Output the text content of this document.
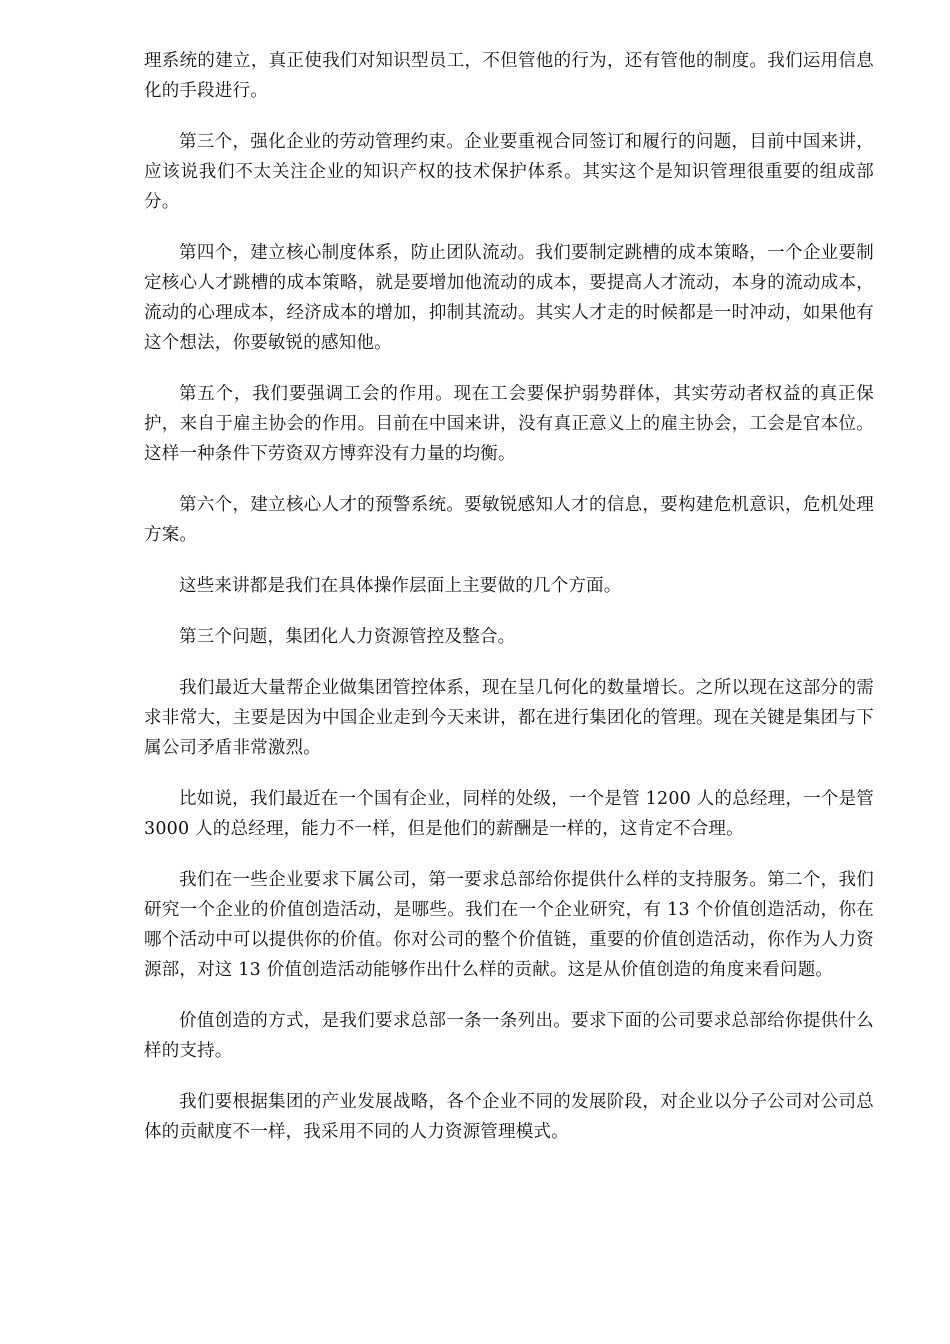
理系统的建立，真正使我们对知识型员工，不但管他的行为，还有管他的制度。我们运用信息化的手段进行。

第三个，强化企业的劳动管理约束。企业要重视合同签订和履行的问题，目前中国来讲，应该说我们不太关注企业的知识产权的技术保护体系。其实这个是知识管理很重要的组成部分。

第四个，建立核心制度体系，防止团队流动。我们要制定跳槽的成本策略，一个企业要制定核心人才跳槽的成本策略，就是要增加他流动的成本，要提高人才流动，本身的流动成本，流动的心理成本，经济成本的增加，抑制其流动。其实人才走的时候都是一时冲动，如果他有这个想法，你要敏锐的感知他。

第五个，我们要强调工会的作用。现在工会要保护弱势群体，其实劳动者权益的真正保护，来自于雇主协会的作用。目前在中国来讲，没有真正意义上的雇主协会，工会是官本位。这样一种条件下劳资双方博弈没有力量的均衡。

第六个，建立核心人才的预警系统。要敏锐感知人才的信息，要构建危机意识，危机处理方案。

这些来讲都是我们在具体操作层面上主要做的几个方面。

第三个问题，集团化人力资源管控及整合。

我们最近大量帮企业做集团管控体系，现在呈几何化的数量增长。之所以现在这部分的需求非常大，主要是因为中国企业走到今天来讲，都在进行集团化的管理。现在关键是集团与下属公司矛盾非常激烈。

比如说，我们最近在一个国有企业，同样的处级，一个是管 1200 人的总经理，一个是管 3000 人的总经理，能力不一样，但是他们的薪酬是一样的，这肯定不合理。

我们在一些企业要求下属公司，第一要求总部给你提供什么样的支持服务。第二个，我们研究一个企业的价值创造活动，是哪些。我们在一个企业研究，有 13 个价值创造活动，你在哪个活动中可以提供你的价值。你对公司的整个价值链，重要的价值创造活动，你作为人力资源部，对这 13 价值创造活动能够作出什么样的贡献。这是从价值创造的角度来看问题。

价值创造的方式，是我们要求总部一条一条列出。要求下面的公司要求总部给你提供什么样的支持。

我们要根据集团的产业发展战略，各个企业不同的发展阶段，对企业以分子公司对公司总体的贡献度不一样，我采用不同的人力资源管理模式。
